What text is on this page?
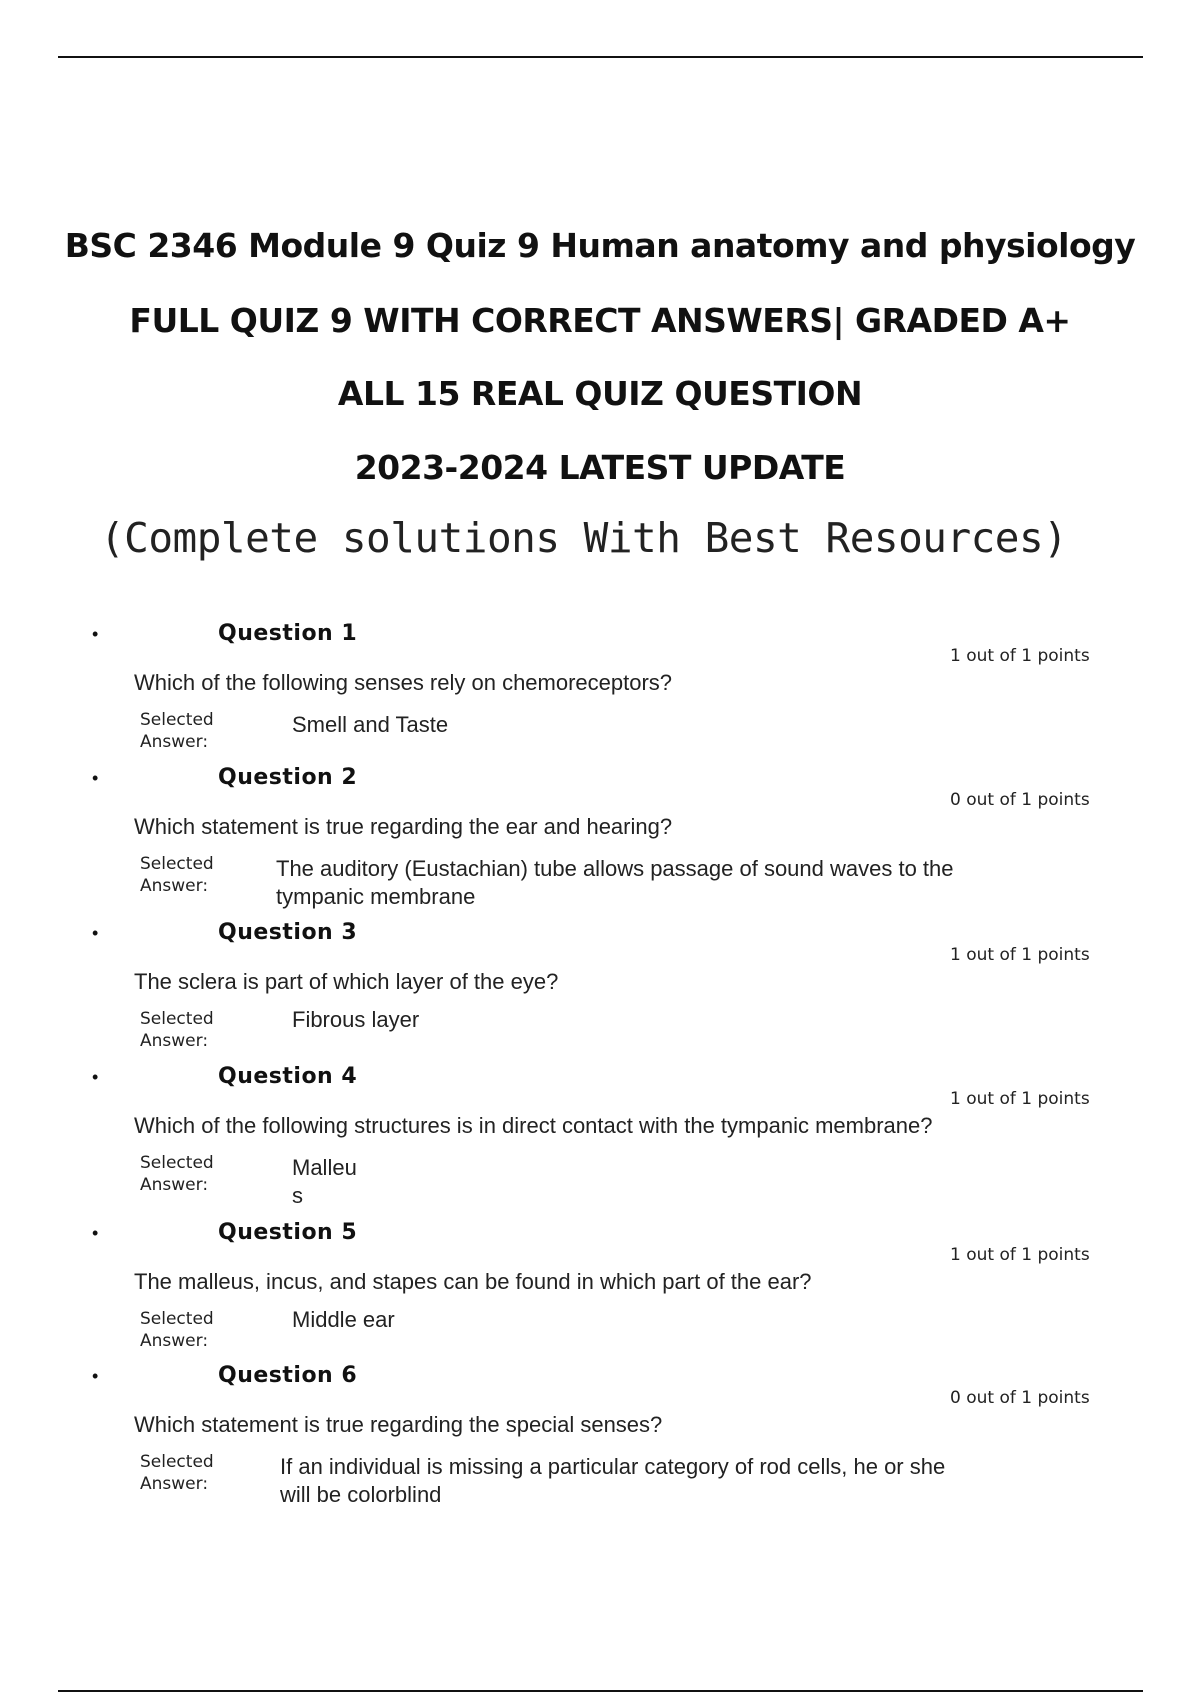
BSC 2346 Module 9 Quiz 9 Human anatomy and physiology
FULL QUIZ 9 WITH CORRECT ANSWERS| GRADED A+
ALL 15 REAL QUIZ QUESTION
2023-2024 LATEST UPDATE
(Complete solutions With Best Resources)
•	Question 1
1 out of 1 points
Which of the following senses rely on chemoreceptors?
Selected
Answer:
Smell and Taste
•	Question 2
0 out of 1 points
Which statement is true regarding the ear and hearing?
Selected
Answer:
The auditory (Eustachian) tube allows passage of sound waves to the
tympanic membrane
•	Question 3
1 out of 1 points
The sclera is part of which layer of the eye?
Selected
Answer:
Fibrous layer
•	Question 4
1 out of 1 points
Which of the following structures is in direct contact with the tympanic membrane?
Selected
Answer:
Malleu
s
•	Question 5
1 out of 1 points
The malleus, incus, and stapes can be found in which part of the ear?
Selected
Answer:
Middle ear
•	Question 6
0 out of 1 points
Which statement is true regarding the special senses?
Selected
Answer:
If an individual is missing a particular category of rod cells, he or she
will be colorblind
